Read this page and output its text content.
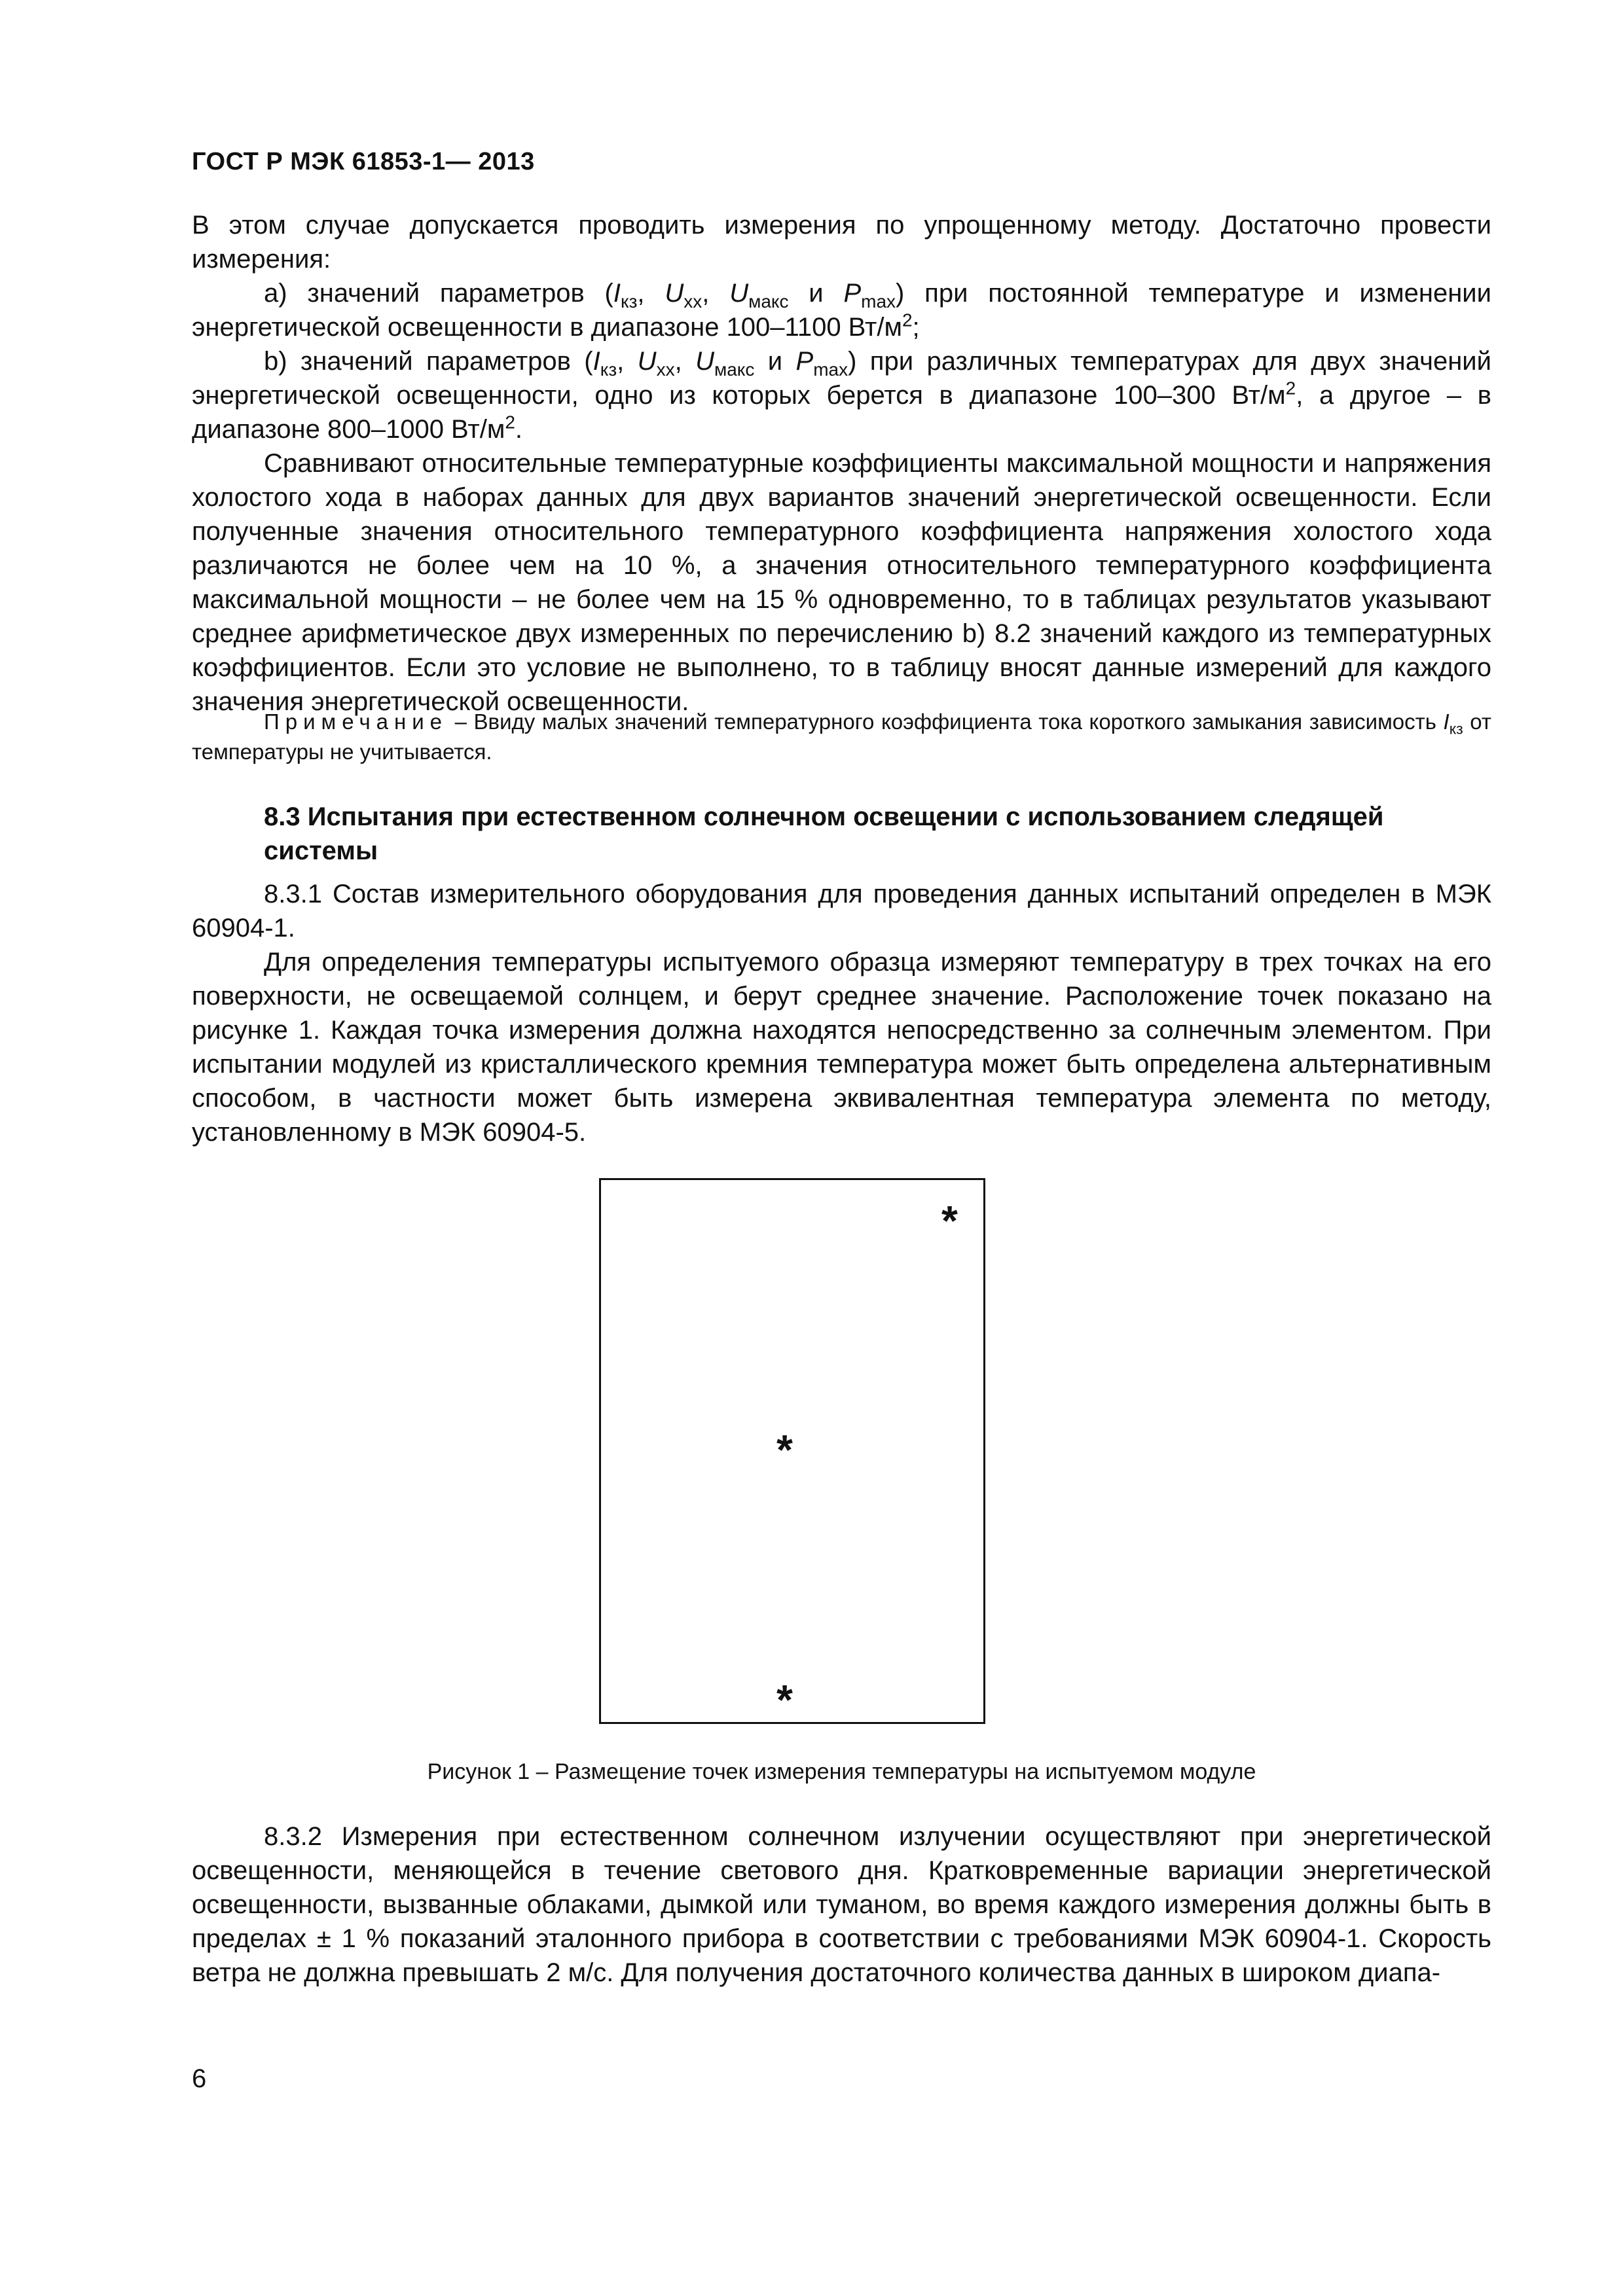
ГОСТ Р МЭК 61853-1— 2013

В этом случае допускается проводить измерения по упрощенному методу. Достаточно провести измерения:

а) значений параметров ($I_{кз}$, $U_{хх}$, $U_{макс}$ и $P_{max}$) при постоянной температуре и изменении энергетической освещенности в диапазоне 100–1100 $Вт/м^2$;

b) значений параметров ($I_{кз}$, $U_{хх}$, $U_{макс}$ и $P_{max}$) при различных температурах для двух значений энергетической освещенности, одно из которых берется в диапазоне 100–300 $Вт/м^2$, а другое – в диапазоне 800–1000 $Вт/м^2$.

Сравнивают относительные температурные коэффициенты максимальной мощности и напряжения холостого хода в наборах данных для двух вариантов значений энергетической освещенности. Если полученные значения относительного температурного коэффициента напряжения холостого хода различаются не более чем на 10 %, а значения относительного температурного коэффициента максимальной мощности – не более чем на 15 % одновременно, то в таблицах результатов указывают среднее арифметическое двух измеренных по перечислению b) 8.2 значений каждого из температурных коэффициентов. Если это условие не выполнено, то в таблицу вносят данные измерений для каждого значения энергетической освещенности.

Примечание – Ввиду малых значений температурного коэффициента тока короткого замыкания зависимость $I_{кз}$ от температуры не учитывается.

8.3 Испытания при естественном солнечном освещении с использованием следящей системы

8.3.1 Состав измерительного оборудования для проведения данных испытаний определен в МЭК 60904-1.

Для определения температуры испытуемого образца измеряют температуру в трех точках на его поверхности, не освещаемой солнцем, и берут среднее значение. Расположение точек показано на рисунке 1. Каждая точка измерения должна находятся непосредственно за солнечным элементом. При испытании модулей из кристаллического кремния температура может быть определена альтернативным способом, в частности может быть измерена эквивалентная температура элемента по методу, установленному в МЭК 60904-5.

*
*
*
Рисунок 1 – Размещение точек измерения температуры на испытуемом модуле

8.3.2 Измерения при естественном солнечном излучении осуществляют при энергетической освещенности, меняющейся в течение светового дня. Кратковременные вариации энергетической освещенности, вызванные облаками, дымкой или туманом, во время каждого измерения должны быть в пределах ± 1 % показаний эталонного прибора в соответствии с требованиями МЭК 60904-1. Скорость ветра не должна превышать 2 м/с. Для получения достаточного количества данных в широком диапа-

6
